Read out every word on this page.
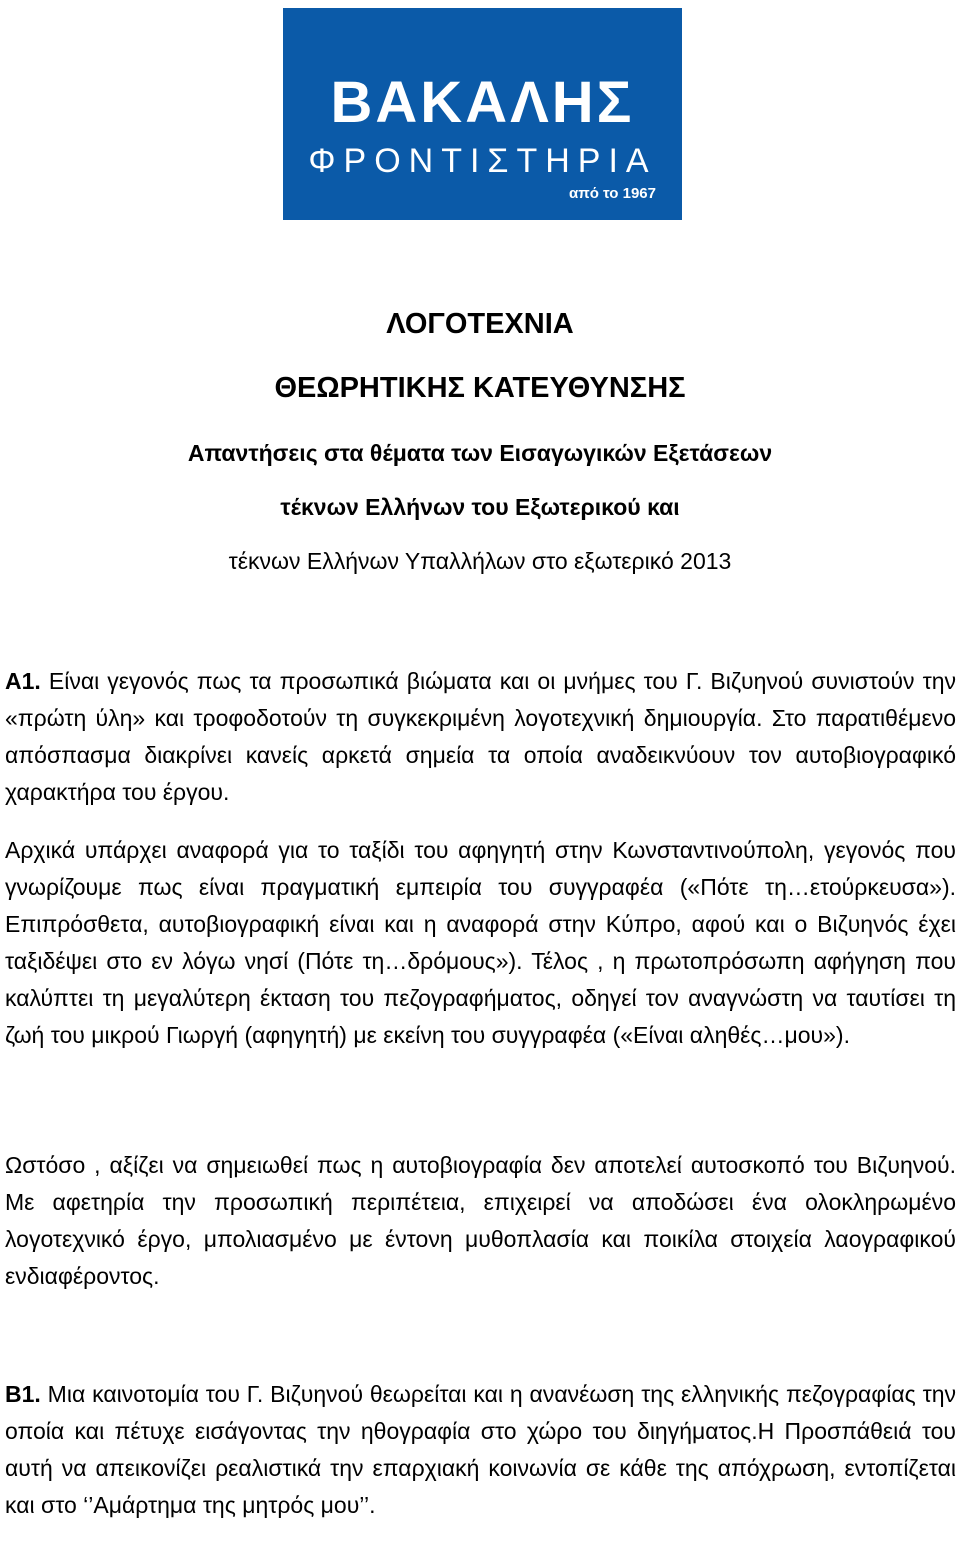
ΒΑΚΑΛΗΣ
ΦΡΟΝΤΙΣΤΗΡΙΑ
από το 1967
ΛΟΓΟΤΕΧΝΙΑ
ΘΕΩΡΗΤΙΚΗΣ ΚΑΤΕΥΘΥΝΣΗΣ
Απαντήσεις στα θέματα των Εισαγωγικών Εξετάσεων
τέκνων Ελλήνων του Εξωτερικού και
τέκνων Ελλήνων Υπαλλήλων στο εξωτερικό 2013
Α1. Είναι γεγονός πως τα προσωπικά βιώματα και οι μνήμες του Γ. Βιζυηνού συνιστούν την «πρώτη ύλη» και τροφοδοτούν τη συγκεκριμένη λογοτεχνική δημιουργία. Στο παρατιθέμενο απόσπασμα διακρίνει κανείς αρκετά σημεία τα οποία αναδεικνύουν τον αυτοβιογραφικό χαρακτήρα του έργου.
Αρχικά υπάρχει αναφορά για το ταξίδι του αφηγητή στην Κωνσταντινούπολη, γεγονός που γνωρίζουμε πως είναι πραγματική εμπειρία του συγγραφέα («Πότε τη…ετούρκευσα»). Επιπρόσθετα, αυτοβιογραφική είναι και η αναφορά στην Κύπρο, αφού και ο Βιζυηνός έχει ταξιδέψει στο εν λόγω νησί (Πότε τη…δρόμους»). Τέλος , η πρωτοπρόσωπη αφήγηση που καλύπτει τη μεγαλύτερη έκταση του πεζογραφήματος, οδηγεί τον αναγνώστη να ταυτίσει τη ζωή του μικρού Γιωργή (αφηγητή) με εκείνη του συγγραφέα («Είναι αληθές…μου»).
Ωστόσο , αξίζει να σημειωθεί πως η αυτοβιογραφία δεν αποτελεί αυτοσκοπό του Βιζυηνού. Με αφετηρία την προσωπική περιπέτεια, επιχειρεί να αποδώσει ένα ολοκληρωμένο λογοτεχνικό έργο, μπολιασμένο με έντονη μυθοπλασία και ποικίλα στοιχεία λαογραφικού ενδιαφέροντος.
Β1. Μια καινοτομία του Γ. Βιζυηνού θεωρείται και η ανανέωση της ελληνικής πεζογραφίας την οποία και πέτυχε εισάγοντας την ηθογραφία στο χώρο του διηγήματος.Η Προσπάθειά του αυτή να απεικονίζει ρεαλιστικά την επαρχιακή κοινωνία σε κάθε της απόχρωση, εντοπίζεται και στο ‘’Αμάρτημα της μητρός μου’’.
